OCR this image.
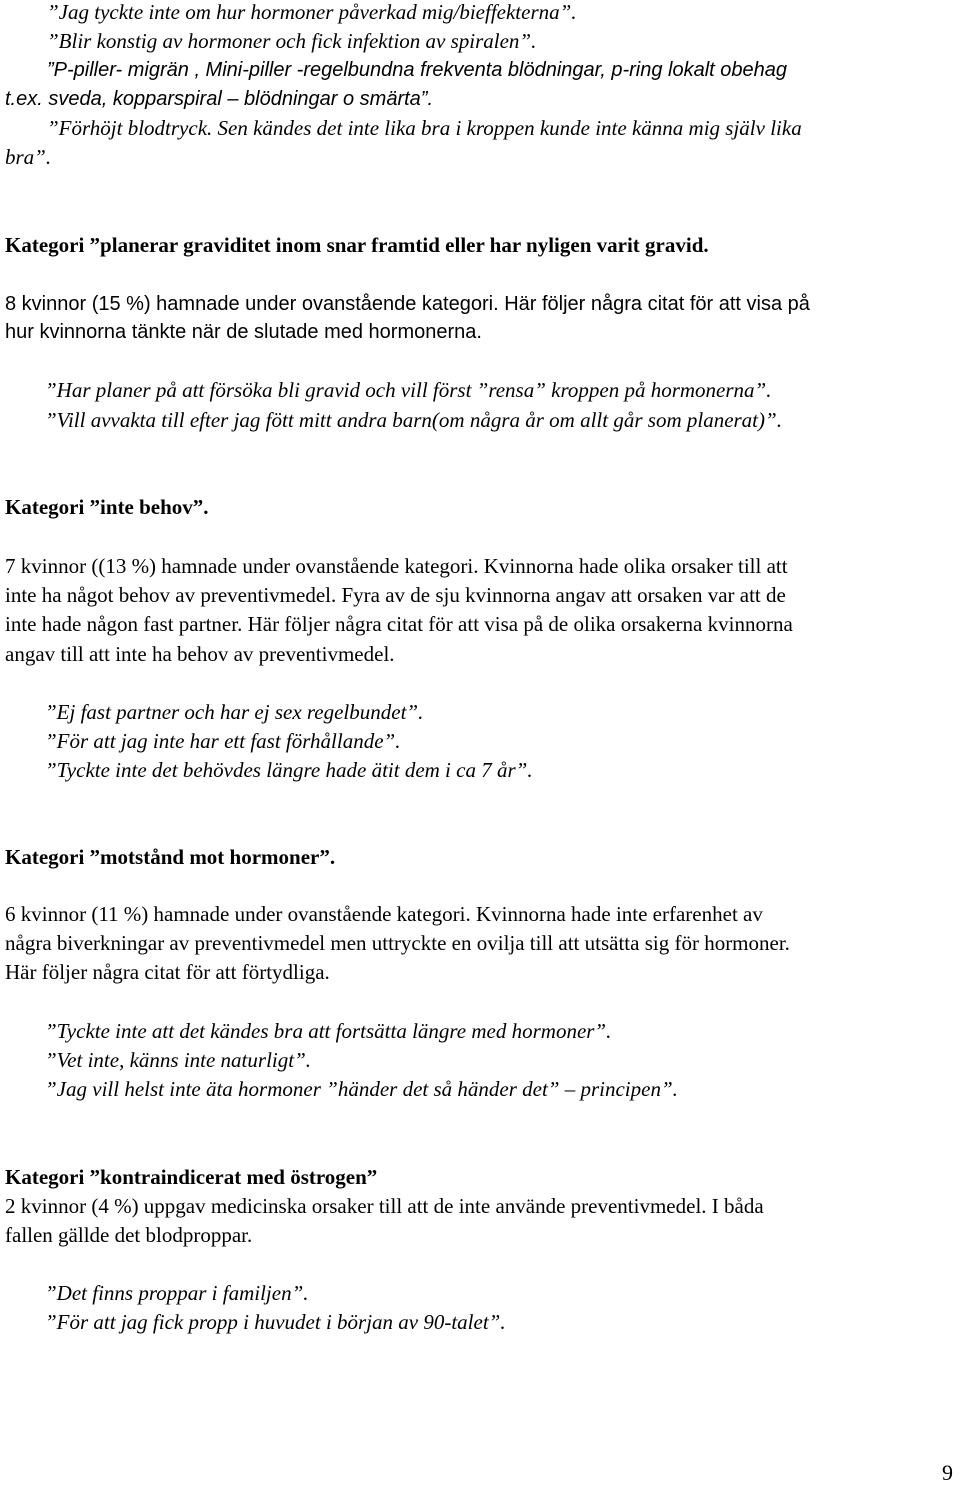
”Jag tyckte inte om hur hormoner påverkad mig/bieffekterna”.

”Blir konstig av hormoner och fick infektion av spiralen”.

”P-piller- migrän , Mini-piller -regelbundna frekventa blödningar, p-ring lokalt obehag

t.ex. sveda, kopparspiral – blödningar o smärta”.

”Förhöjt blodtryck. Sen kändes det inte lika bra i kroppen kunde inte känna mig själv lika

bra”.

Kategori ”planerar graviditet inom snar framtid eller har nyligen varit gravid.

8 kvinnor (15 %) hamnade under ovanstående kategori. Här följer några citat för att visa på

hur kvinnorna tänkte när de slutade med hormonerna.

”Har planer på att försöka bli gravid och vill först ”rensa” kroppen på hormonerna”.

”Vill avvakta till efter jag fött mitt andra barn(om några år om allt går som planerat)”.

Kategori ”inte behov”.

7 kvinnor ((13 %) hamnade under ovanstående kategori. Kvinnorna hade olika orsaker till att

inte ha något behov av preventivmedel. Fyra av de sju kvinnorna angav att orsaken var att de

inte hade någon fast partner. Här följer några citat för att visa på de olika orsakerna kvinnorna

angav till att inte ha behov av preventivmedel.

”Ej fast partner och har ej sex regelbundet”.

”För att jag inte har ett fast förhållande”.

”Tyckte inte det behövdes längre hade ätit dem i ca 7 år”.

Kategori ”motstånd mot hormoner”.

6 kvinnor (11 %) hamnade under ovanstående kategori. Kvinnorna hade inte erfarenhet av

några biverkningar av preventivmedel men uttryckte en ovilja till att utsätta sig för hormoner.

Här följer några citat för att förtydliga.

”Tyckte inte att det kändes bra att fortsätta längre med hormoner”.

”Vet inte, känns inte naturligt”.

”Jag vill helst inte äta hormoner ”händer det så händer det” – principen”.

Kategori ”kontraindicerat med östrogen”

2 kvinnor (4 %) uppgav medicinska orsaker till att de inte använde preventivmedel. I båda

fallen gällde det blodproppar.

”Det finns proppar i familjen”.

”För att jag fick propp i huvudet i början av 90-talet”.

9
